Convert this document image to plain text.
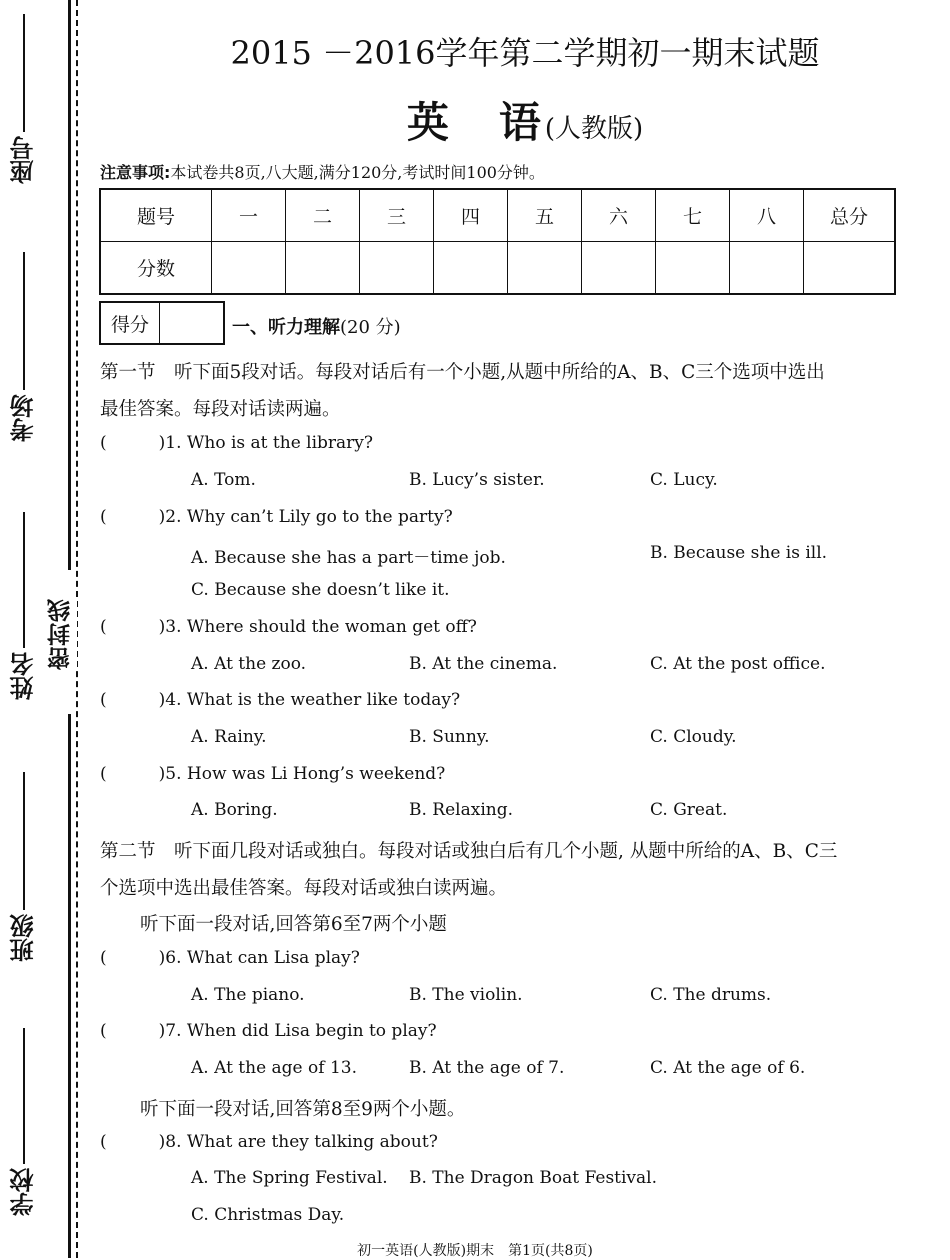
座号
考场
姓名
班级
学校
密封线
2015 －2016学年第二学期初一期末试题
英　语(人教版)
注意事项:本试卷共8页,八大题,满分120分,考试时间100分钟。
题号	一	二	三	四	五	六	七	八	总分
分数									
得分	一、听力理解(20 分)
第一节　听下面5段对话。每段对话后有一个小题,从题中所给的A、B、C三个选项中选出
最佳答案。每段对话读两遍。
(	)1. Who is at the library?
A. Tom.	B. Lucy’s sister.	C. Lucy.
(	)2. Why can’t Lily go to the party?
A. Because she has a part－time job.	B. Because she is ill.
C. Because she doesn’t like it.
(	)3. Where should the woman get off?
A. At the zoo.	B. At the cinema.	C. At the post office.
(	)4. What is the weather like today?
A. Rainy.	B. Sunny.	C. Cloudy.
(	)5. How was Li Hong’s weekend?
A. Boring.	B. Relaxing.	C. Great.
第二节　听下面几段对话或独白。每段对话或独白后有几个小题, 从题中所给的A、B、C三
个选项中选出最佳答案。每段对话或独白读两遍。
听下面一段对话,回答第6至7两个小题
(	)6. What can Lisa play?
A. The piano.	B. The violin.	C. The drums.
(	)7. When did Lisa begin to play?
A. At the age of 13.	B. At the age of 7.	C. At the age of 6.
听下面一段对话,回答第8至9两个小题。
(	)8. What are they talking about?
A. The Spring Festival. B. The Dragon Boat Festival.
C. Christmas Day.
初一英语(人教版)期末　第1页(共8页)
